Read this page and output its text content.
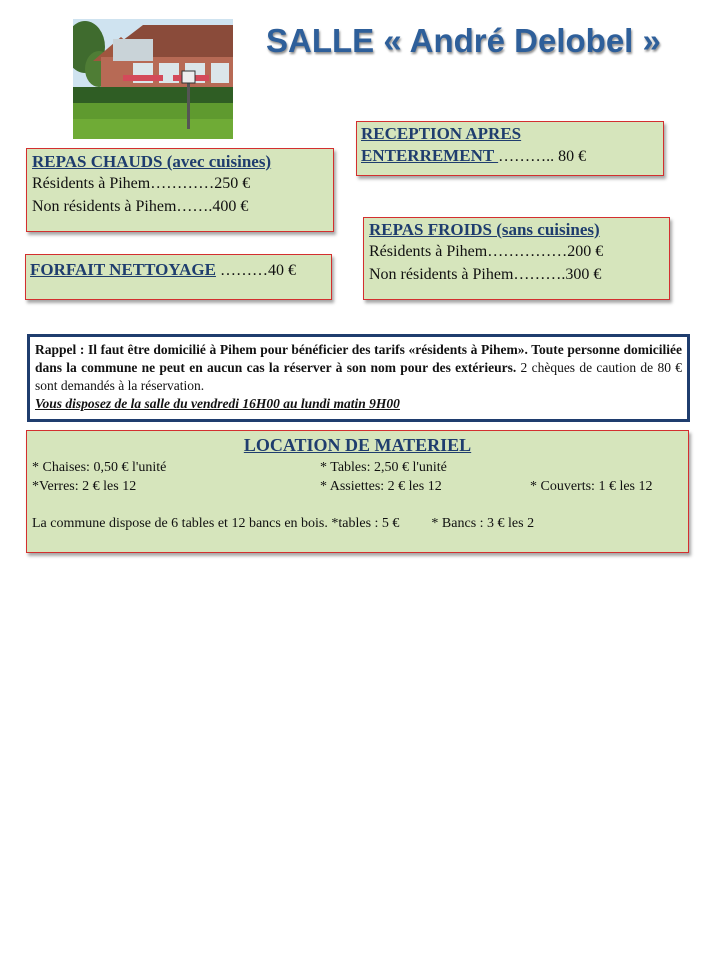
SALLE « André Delobel »
REPAS CHAUDS (avec cuisines)
Résidents à Pihem…………250 €
Non résidents à Pihem…….400 €
RECEPTION APRES
ENTERREMENT ……….. 80 €
FORFAIT NETTOYAGE ………40 €
REPAS FROIDS (sans cuisines)
Résidents à Pihem……………200 €
Non résidents à Pihem……….300 €
Rappel : Il faut être domicilié à Pihem pour bénéficier des tarifs «résidents à Pihem». Toute personne domiciliée dans la commune ne peut en aucun cas la réserver à son nom pour des extérieurs. 2 chèques de caution de 80 € sont demandés à la réservation.
Vous disposez de la salle du vendredi 16H00 au lundi matin 9H00
LOCATION DE MATERIEL
* Chaises: 0,50 € l'unité	* Tables: 2,50 € l'unité
*Verres: 2 € les 12	* Assiettes: 2 € les 12	* Couverts: 1 € les 12
La commune dispose de 6 tables et 12 bancs en bois. *tables : 5 € * Bancs : 3 € les 2
